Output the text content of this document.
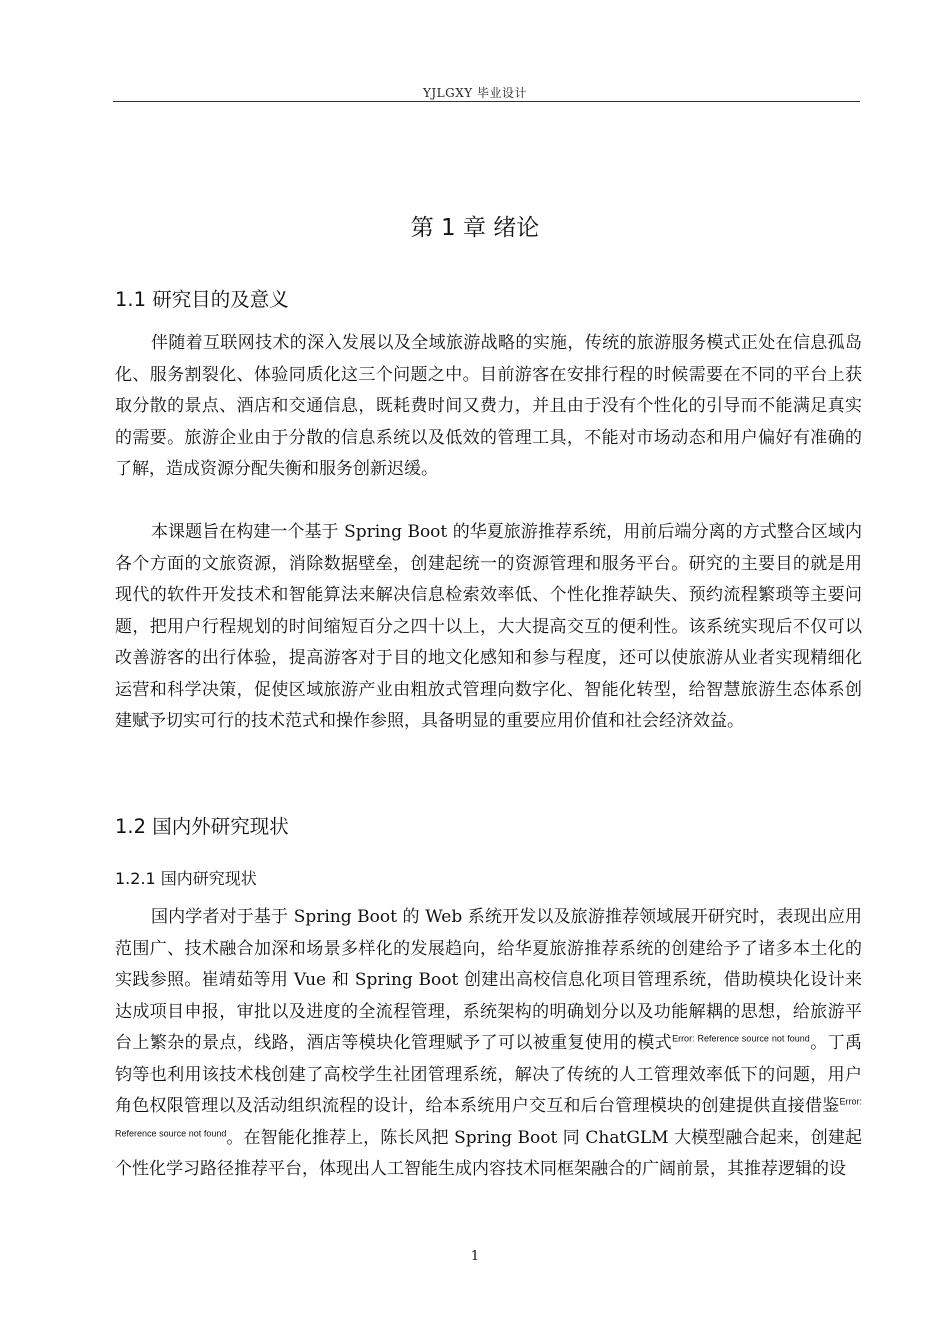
YJLGXY 毕业设计
第 1 章 绪论
1.1 研究目的及意义
伴随着互联网技术的深入发展以及全域旅游战略的实施，传统的旅游服务模式正处在信息孤岛化、服务割裂化、体验同质化这三个问题之中。目前游客在安排行程的时候需要在不同的平台上获取分散的景点、酒店和交通信息，既耗费时间又费力，并且由于没有个性化的引导而不能满足真实的需要。旅游企业由于分散的信息系统以及低效的管理工具，不能对市场动态和用户偏好有准确的了解，造成资源分配失衡和服务创新迟缓。
本课题旨在构建一个基于 Spring Boot 的华夏旅游推荐系统，用前后端分离的方式整合区域内各个方面的文旅资源，消除数据壁垒，创建起统一的资源管理和服务平台。研究的主要目的就是用现代的软件开发技术和智能算法来解决信息检索效率低、个性化推荐缺失、预约流程繁琐等主要问题，把用户行程规划的时间缩短百分之四十以上，大大提高交互的便利性。该系统实现后不仅可以改善游客的出行体验，提高游客对于目的地文化感知和参与程度，还可以使旅游从业者实现精细化运营和科学决策，促使区域旅游产业由粗放式管理向数字化、智能化转型，给智慧旅游生态体系创建赋予切实可行的技术范式和操作参照，具备明显的重要应用价值和社会经济效益。
1.2 国内外研究现状
1.2.1 国内研究现状
国内学者对于基于 Spring Boot 的 Web 系统开发以及旅游推荐领域展开研究时，表现出应用范围广、技术融合加深和场景多样化的发展趋向，给华夏旅游推荐系统的创建给予了诸多本土化的实践参照。崔靖茹等用 Vue 和 Spring Boot 创建出高校信息化项目管理系统，借助模块化设计来达成项目申报，审批以及进度的全流程管理，系统架构的明确划分以及功能解耦的思想，给旅游平台上繁杂的景点，线路，酒店等模块化管理赋予了可以被重复使用的模式$^{Error: Reference source not found}$。丁禹钧等也利用该技术栈创建了高校学生社团管理系统，解决了传统的人工管理效率低下的问题，用户角色权限管理以及活动组织流程的设计，给本系统用户交互和后台管理模块的创建提供直接借鉴$^{Error: Reference source not found}$。在智能化推荐上，陈长风把 Spring Boot 同 ChatGLM 大模型融合起来，创建起个性化学习路径推荐平台，体现出人工智能生成内容技术同框架融合的广阔前景，其推荐逻辑的设
1
